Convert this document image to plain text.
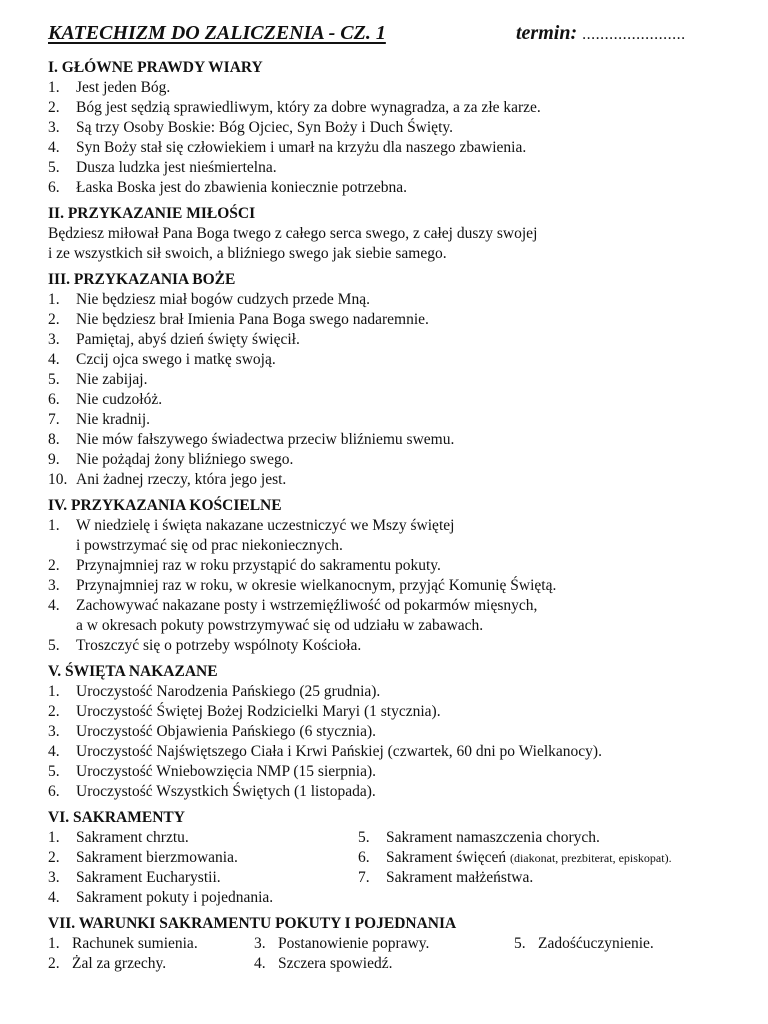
KATECHIZM DO ZALICZENIA - CZ. 1	termin: .......................
I. GŁÓWNE PRAWDY WIARY
1. Jest jeden Bóg.
2. Bóg jest sędzią sprawiedliwym, który za dobre wynagradza, a za złe karze.
3. Są trzy Osoby Boskie: Bóg Ojciec, Syn Boży i Duch Święty.
4. Syn Boży stał się człowiekiem i umarł na krzyżu dla naszego zbawienia.
5. Dusza ludzka jest nieśmiertelna.
6. Łaska Boska jest do zbawienia koniecznie potrzebna.
II. PRZYKAZANIE MIŁOŚCI

Będziesz miłował Pana Boga twego z całego serca swego, z całej duszy swojej

i ze wszystkich sił swoich, a bliźniego swego jak siebie samego.

III. PRZYKAZANIA BOŻE
1. Nie będziesz miał bogów cudzych przede Mną.
2. Nie będziesz brał Imienia Pana Boga swego nadaremnie.
3. Pamiętaj, abyś dzień święty święcił.
4. Czcij ojca swego i matkę swoją.
5. Nie zabijaj.
6. Nie cudzołóż.
7. Nie kradnij.
8. Nie mów fałszywego świadectwa przeciw bliźniemu swemu.
9. Nie pożądaj żony bliźniego swego.
10. Ani żadnej rzeczy, która jego jest.
IV. PRZYKAZANIA KOŚCIELNE
1. W niedzielę i święta nakazane uczestniczyć we Mszy świętej
i powstrzymać się od prac niekoniecznych.
2. Przynajmniej raz w roku przystąpić do sakramentu pokuty.
3. Przynajmniej raz w roku, w okresie wielkanocnym, przyjąć Komunię Świętą.
4. Zachowywać nakazane posty i wstrzemięźliwość od pokarmów mięsnych,
a w okresach pokuty powstrzymywać się od udziału w zabawach.
5. Troszczyć się o potrzeby wspólnoty Kościoła.
V. ŚWIĘTA NAKAZANE
1. Uroczystość Narodzenia Pańskiego (25 grudnia).
2. Uroczystość Świętej Bożej Rodzicielki Maryi (1 stycznia).
3. Uroczystość Objawienia Pańskiego (6 stycznia).
4. Uroczystość Najświętszego Ciała i Krwi Pańskiej (czwartek, 60 dni po Wielkanocy).
5. Uroczystość Wniebowzięcia NMP (15 sierpnia).
6. Uroczystość Wszystkich Świętych (1 listopada).
VI. SAKRAMENTY
1. Sakrament chrztu.
2. Sakrament bierzmowania.
3. Sakrament Eucharystii.
4. Sakrament pokuty i pojednania.
5. Sakrament namaszczenia chorych.
6. Sakrament święceń (diakonat, prezbiterat, episkopat).
7. Sakrament małżeństwa.
VII. WARUNKI SAKRAMENTU POKUTY I POJEDNANIA
1. Rachunek sumienia.
2. Żal za grzechy.
3. Postanowienie poprawy.
4. Szczera spowiedź.
5. Zadośćuczynienie.
